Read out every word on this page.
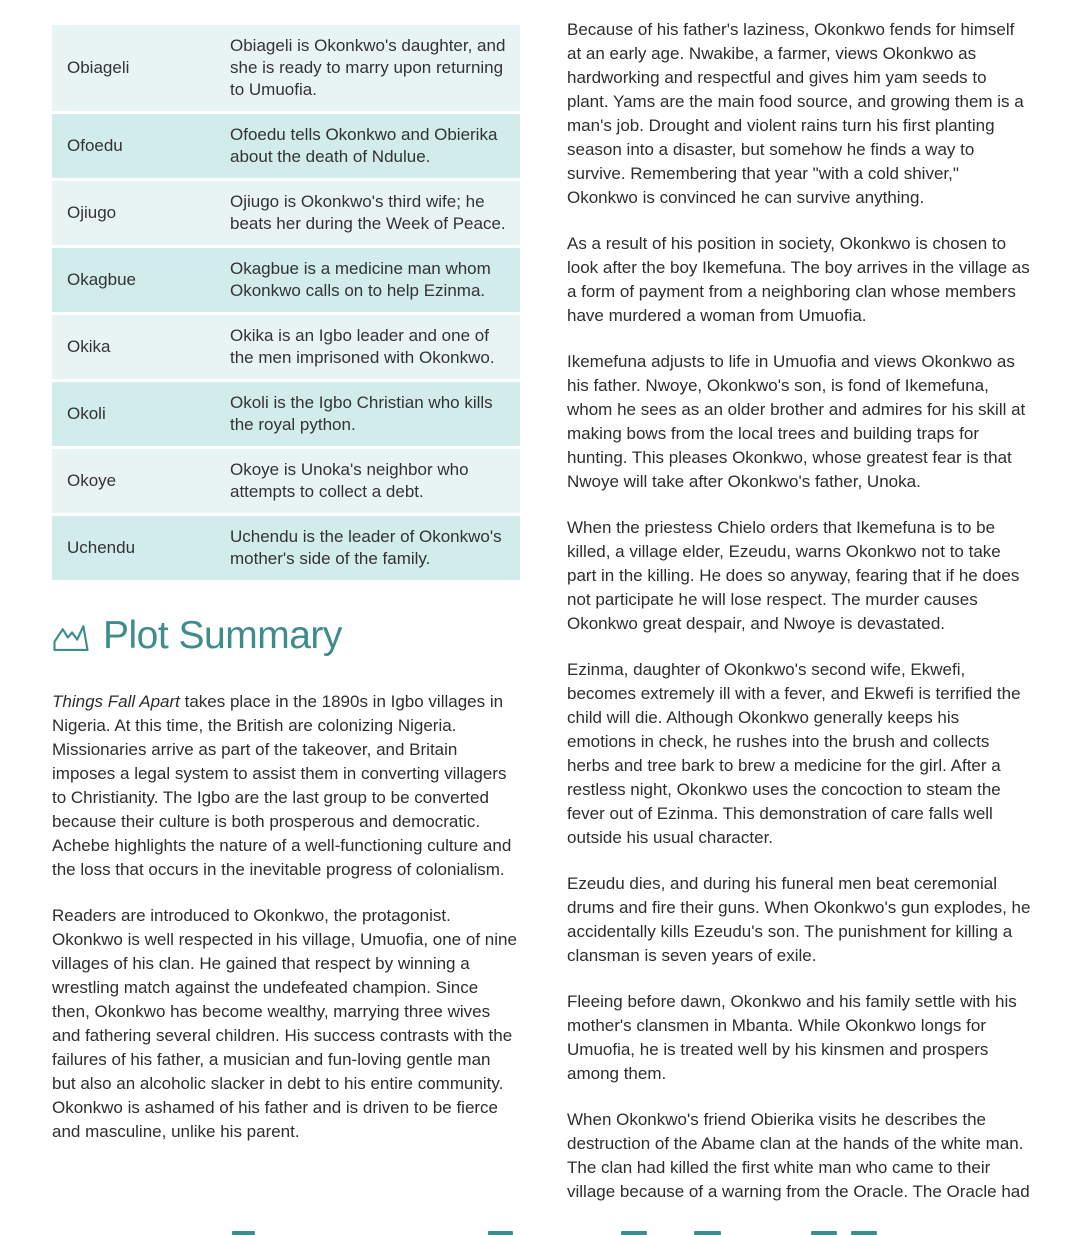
Obiageli	Obiageli is Okonkwo's daughter, and she is ready to marry upon returning to Umuofia.
Ofoedu	Ofoedu tells Okonkwo and Obierika about the death of Ndulue.
Ojiugo	Ojiugo is Okonkwo's third wife; he beats her during the Week of Peace.
Okagbue	Okagbue is a medicine man whom Okonkwo calls on to help Ezinma.
Okika	Okika is an Igbo leader and one of the men imprisoned with Okonkwo.
Okoli	Okoli is the Igbo Christian who kills the royal python.
Okoye	Okoye is Unoka's neighbor who attempts to collect a debt.
Uchendu	Uchendu is the leader of Okonkwo's mother's side of the family.
Plot Summary

Things Fall Apart takes place in the 1890s in Igbo villages in Nigeria. At this time, the British are colonizing Nigeria. Missionaries arrive as part of the takeover, and Britain imposes a legal system to assist them in converting villagers to Christianity. The Igbo are the last group to be converted because their culture is both prosperous and democratic. Achebe highlights the nature of a well-functioning culture and the loss that occurs in the inevitable progress of colonialism.

Readers are introduced to Okonkwo, the protagonist. Okonkwo is well respected in his village, Umuofia, one of nine villages of his clan. He gained that respect by winning a wrestling match against the undefeated champion. Since then, Okonkwo has become wealthy, marrying three wives and fathering several children. His success contrasts with the failures of his father, a musician and fun-loving gentle man but also an alcoholic slacker in debt to his entire community. Okonkwo is ashamed of his father and is driven to be fierce and masculine, unlike his parent.

Because of his father's laziness, Okonkwo fends for himself at an early age. Nwakibe, a farmer, views Okonkwo as hardworking and respectful and gives him yam seeds to plant. Yams are the main food source, and growing them is a man's job. Drought and violent rains turn his first planting season into a disaster, but somehow he finds a way to survive. Remembering that year "with a cold shiver," Okonkwo is convinced he can survive anything.

As a result of his position in society, Okonkwo is chosen to look after the boy Ikemefuna. The boy arrives in the village as a form of payment from a neighboring clan whose members have murdered a woman from Umuofia.

Ikemefuna adjusts to life in Umuofia and views Okonkwo as his father. Nwoye, Okonkwo's son, is fond of Ikemefuna, whom he sees as an older brother and admires for his skill at making bows from the local trees and building traps for hunting. This pleases Okonkwo, whose greatest fear is that Nwoye will take after Okonkwo's father, Unoka.

When the priestess Chielo orders that Ikemefuna is to be killed, a village elder, Ezeudu, warns Okonkwo not to take part in the killing. He does so anyway, fearing that if he does not participate he will lose respect. The murder causes Okonkwo great despair, and Nwoye is devastated.

Ezinma, daughter of Okonkwo's second wife, Ekwefi, becomes extremely ill with a fever, and Ekwefi is terrified the child will die. Although Okonkwo generally keeps his emotions in check, he rushes into the brush and collects herbs and tree bark to brew a medicine for the girl. After a restless night, Okonkwo uses the concoction to steam the fever out of Ezinma. This demonstration of care falls well outside his usual character.

Ezeudu dies, and during his funeral men beat ceremonial drums and fire their guns. When Okonkwo's gun explodes, he accidentally kills Ezeudu's son. The punishment for killing a clansman is seven years of exile.

Fleeing before dawn, Okonkwo and his family settle with his mother's clansmen in Mbanta. While Okonkwo longs for Umuofia, he is treated well by his kinsmen and prospers among them.

When Okonkwo's friend Obierika visits he describes the destruction of the Abame clan at the hands of the white man. The clan had killed the first white man who came to their village because of a warning from the Oracle. The Oracle had
